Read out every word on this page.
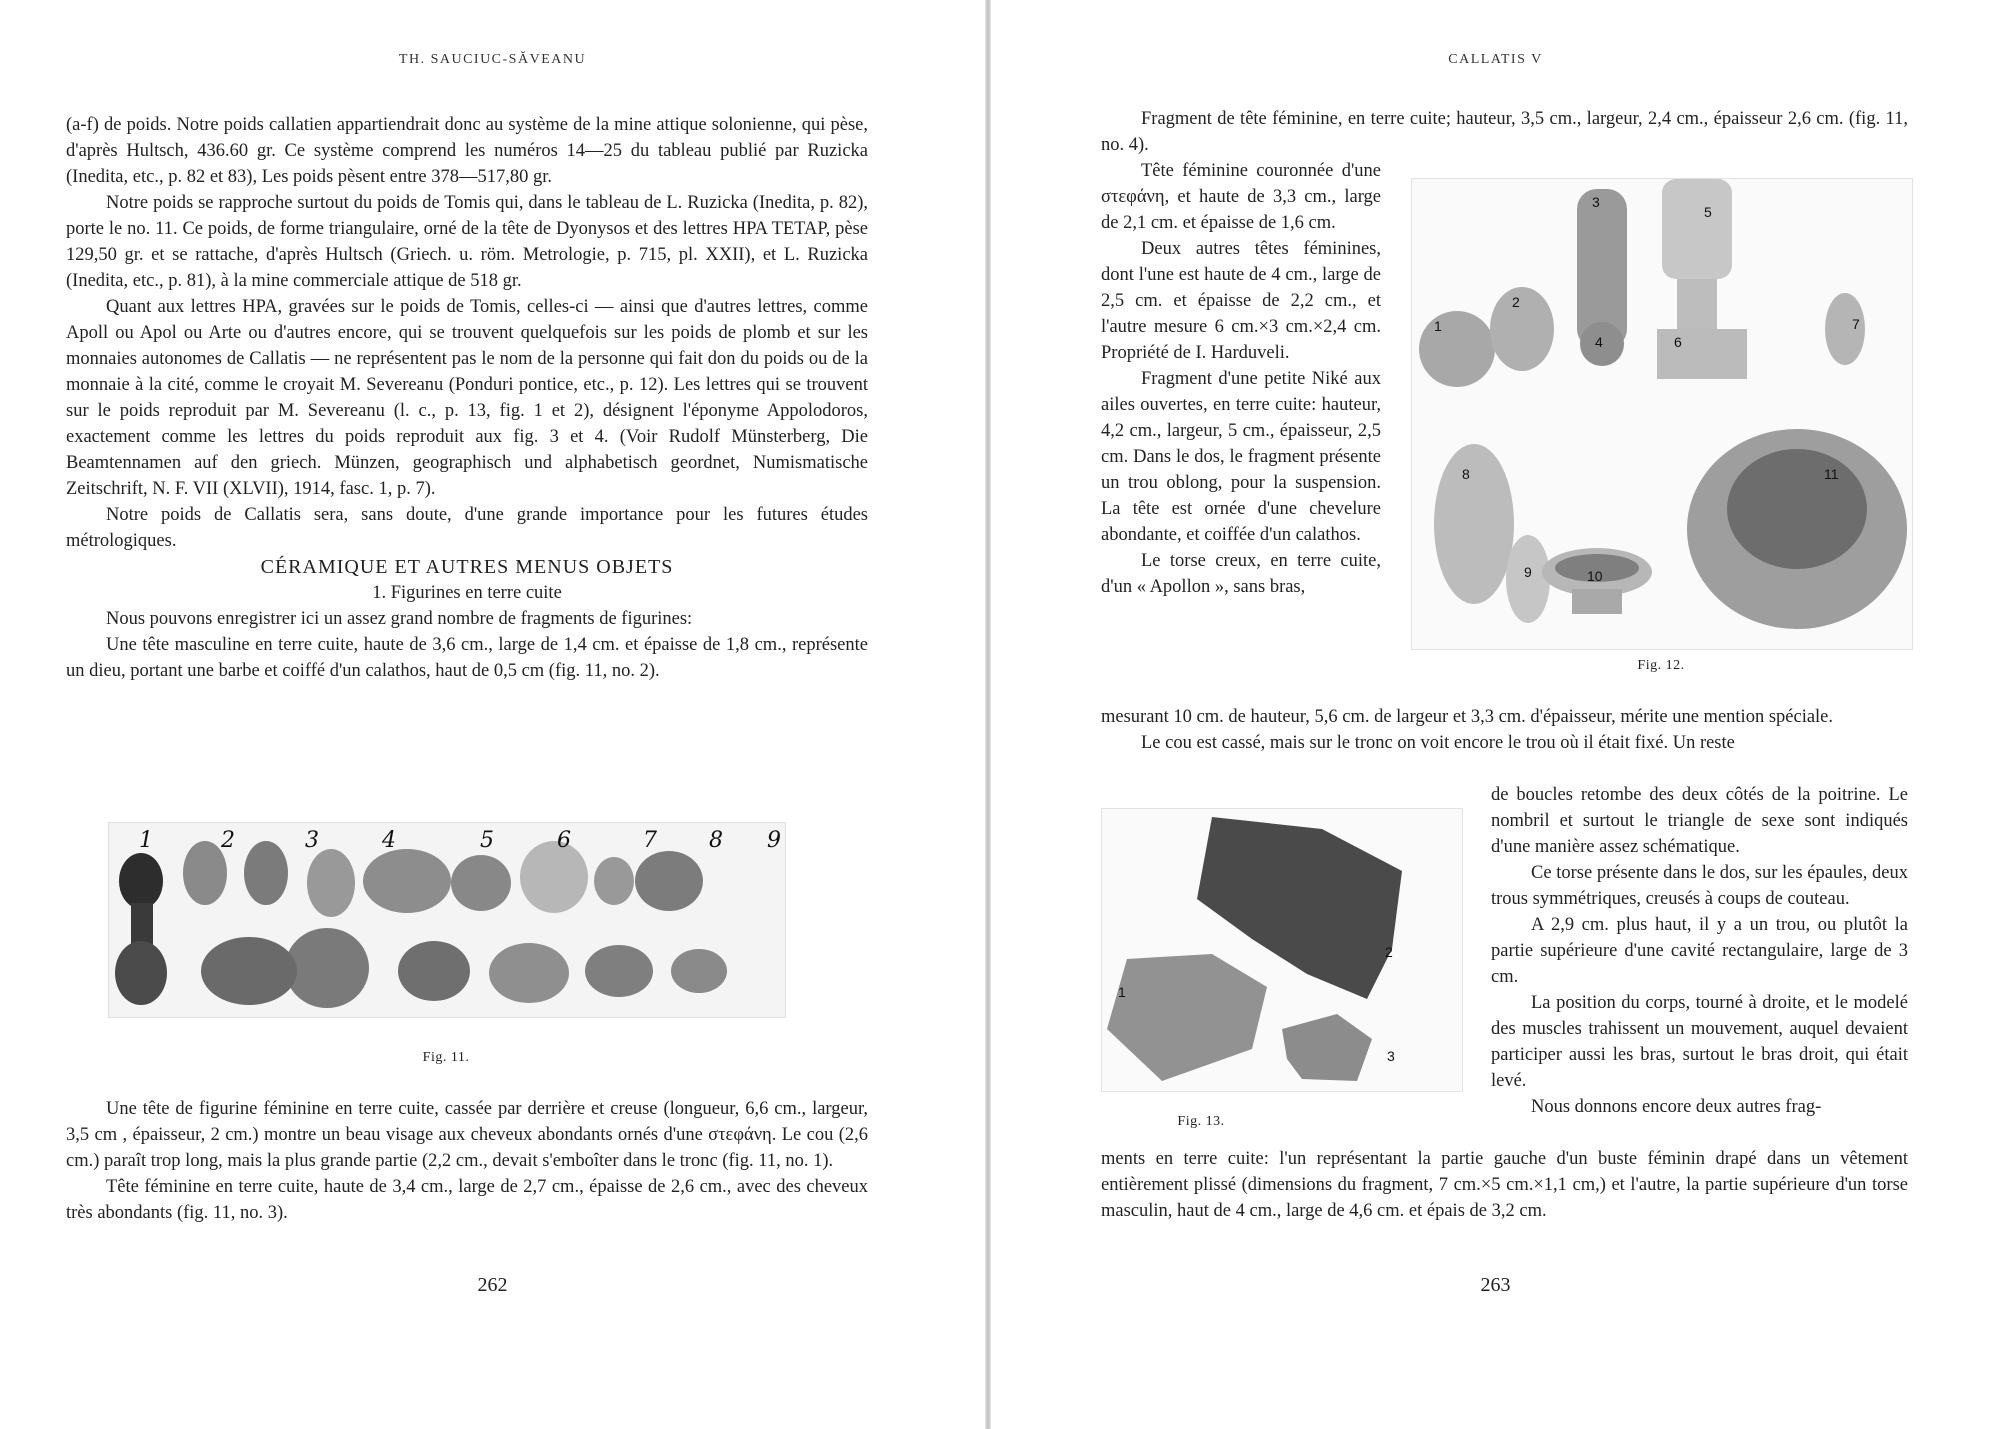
TH. SAUCIUC-SĂVEANU

(a-f) de poids. Notre poids callatien appartiendrait donc au système de la mine attique solonienne, qui pèse, d'après Hultsch, 436.60 gr. Ce système comprend les numéros 14—25 du tableau publié par Ruzicka (Inedita, etc., p. 82 et 83), Les poids pèsent entre 378—517,80 gr.

Notre poids se rapproche surtout du poids de Tomis qui, dans le tableau de L. Ruzicka (Inedita, p. 82), porte le no. 11. Ce poids, de forme triangulaire, orné de la tête de Dyonysos et des lettres ΗΡΑ ΤΕΤΑΡ, pèse 129,50 gr. et se rattache, d'après Hultsch (Griech. u. röm. Metrologie, p. 715, pl. XXII), et L. Ruzicka (Inedita, etc., p. 81), à la mine commerciale attique de 518 gr.

Quant aux lettres ΗΡΑ, gravées sur le poids de Tomis, celles-ci — ainsi que d'autres lettres, comme Apoll ou Apol ou Arte ou d'autres encore, qui se trouvent quelquefois sur les poids de plomb et sur les monnaies autonomes de Callatis — ne représentent pas le nom de la personne qui fait don du poids ou de la monnaie à la cité, comme le croyait M. Severeanu (Ponduri pontice, etc., p. 12). Les lettres qui se trouvent sur le poids reproduit par M. Severeanu (l. c., p. 13, fig. 1 et 2), désignent l'éponyme Appolodoros, exactement comme les lettres du poids reproduit aux fig. 3 et 4. (Voir Rudolf Münsterberg, Die Beamtennamen auf den griech. Münzen, geographisch und alphabetisch geordnet, Numismatische Zeitschrift, N. F. VII (XLVII), 1914, fasc. 1, p. 7).

Notre poids de Callatis sera, sans doute, d'une grande importance pour les futures études métrologiques.

CÉRAMIQUE ET AUTRES MENUS OBJETS

1. Figurines en terre cuite

Nous pouvons enregistrer ici un assez grand nombre de fragments de figurines:

Une tête masculine en terre cuite, haute de 3,6 cm., large de 1,4 cm. et épaisse de 1,8 cm., représente un dieu, portant une barbe et coiffé d'un calathos, haut de 0,5 cm (fig. 11, no. 2).

1	2	3	4	5	6	7 8 9
Fig. 11.

Une tête de figurine féminine en terre cuite, cassée par derrière et creuse (longueur, 6,6 cm., largeur, 3,5 cm , épaisseur, 2 cm.) montre un beau visage aux cheveux abondants ornés d'une στεφάνη. Le cou (2,6 cm.) paraît trop long, mais la plus grande partie (2,2 cm., devait s'emboîter dans le tronc (fig. 11, no. 1).

Tête féminine en terre cuite, haute de 3,4 cm., large de 2,7 cm., épaisse de 2,6 cm., avec des cheveux très abondants (fig. 11, no. 3).

262
CALLATIS V

Fragment de tête féminine, en terre cuite; hauteur, 3,5 cm., largeur, 2,4 cm., épaisseur 2,6 cm. (fig. 11, no. 4).

Tête féminine couronnée d'une στεφάνη, et haute de 3,3 cm., large de 2,1 cm. et épaisse de 1,6 cm.

Deux autres têtes féminines, dont l'une est haute de 4 cm., large de 2,5 cm. et épaisse de 2,2 cm., et l'autre mesure 6 cm.×3 cm.×2,4 cm. Propriété de I. Harduveli.

Fragment d'une petite Niké aux ailes ouvertes, en terre cuite: hauteur, 4,2 cm., largeur, 5 cm., épaisseur, 2,5 cm. Dans le dos, le fragment présente un trou oblong, pour la suspension. La tête est ornée d'une chevelure abondante, et coiffée d'un calathos.

Le torse creux, en terre cuite, d'un « Apollon », sans bras,

1
2
3
4
5
6
7
8
9	10
11
Fig. 12.

mesurant 10 cm. de hauteur, 5,6 cm. de largeur et 3,3 cm. d'épaisseur, mérite une mention spéciale.

Le cou est cassé, mais sur le tronc on voit encore le trou où il était fixé. Un reste

1
2
3
Fig. 13.

de boucles retombe des deux côtés de la poitrine. Le nombril et surtout le triangle de sexe sont indiqués d'une manière assez schématique.

Ce torse présente dans le dos, sur les épaules, deux trous symmétriques, creusés à coups de couteau.

A 2,9 cm. plus haut, il y a un trou, ou plutôt la partie supérieure d'une cavité rectangulaire, large de 3 cm.

La position du corps, tourné à droite, et le modelé des muscles trahissent un mouvement, auquel devaient participer aussi les bras, surtout le bras droit, qui était levé.

Nous donnons encore deux autres frag-

ments en terre cuite: l'un représentant la partie gauche d'un buste féminin drapé dans un vêtement entièrement plissé (dimensions du fragment, 7 cm.×5 cm.×1,1 cm,) et l'autre, la partie supérieure d'un torse masculin, haut de 4 cm., large de 4,6 cm. et épais de 3,2 cm.

263
